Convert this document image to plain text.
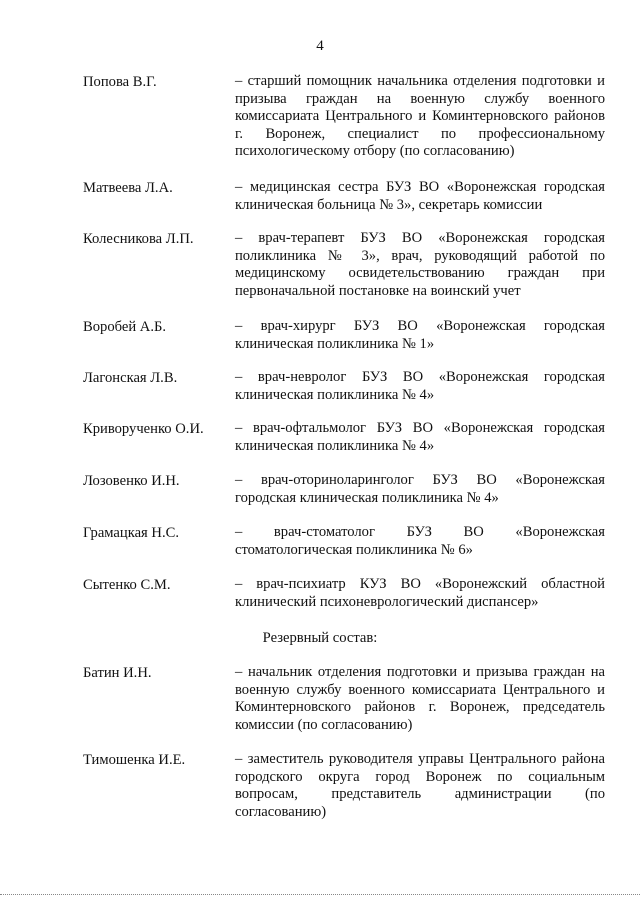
4
Попова В.Г.	– старший помощник начальника отделения подготовки и призыва граждан на военную службу военного комиссариата Центрального и Коминтерновского районов г. Воронеж, специалист по профессиональному психологическому отбору (по согласованию)
Матвеева Л.А.	– медицинская сестра БУЗ ВО «Воронежская городская клиническая больница № 3», секретарь комиссии
Колесникова Л.П.	– врач-терапевт БУЗ ВО «Воронежская городская поликлиника № 3», врач, руководящий работой по медицинскому освидетельствованию граждан при первоначальной постановке на воинский учет
Воробей А.Б.	– врач-хирург БУЗ ВО «Воронежская городская клиническая поликлиника № 1»
Лагонская Л.В.	– врач-невролог БУЗ ВО «Воронежская городская клиническая поликлиника № 4»
Криворученко О.И. – врач-офтальмолог БУЗ ВО «Воронежская городская клиническая поликлиника № 4»
Лозовенко И.Н.	– врач-оториноларинголог БУЗ ВО «Воронежская городская клиническая поликлиника № 4»
Грамацкая Н.С.	– врач-стоматолог БУЗ ВО «Воронежская стоматологическая поликлиника № 6»
Сытенко С.М.	– врач-психиатр КУЗ ВО «Воронежский областной клинический психоневрологический диспансер»
Резервный состав:
Батин И.Н.	– начальник отделения подготовки и призыва граждан на военную службу военного комиссариата Центрального и Коминтерновского районов г. Воронеж, председатель комиссии (по согласованию)
Тимошенка И.Е.	– заместитель руководителя управы Центрального района городского округа город Воронеж по социальным вопросам, представитель администрации (по согласованию)
